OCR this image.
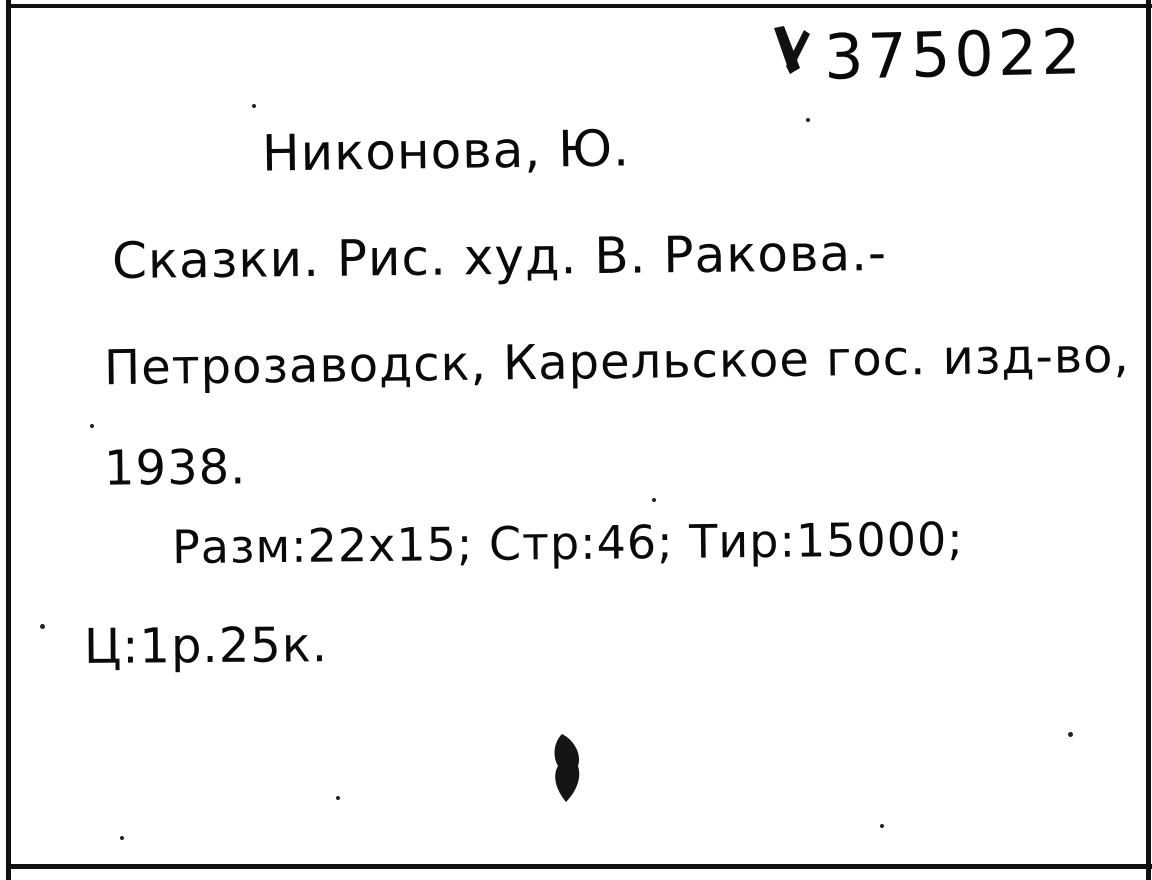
375022
Никонова, Ю.
Сказки. Рис. худ. В. Ракова.-
Петрозаводск, Карельское гос. изд-во,
1938.
Разм:22х15; Стр:46; Тир:15000;
Ц:1р.25к.
